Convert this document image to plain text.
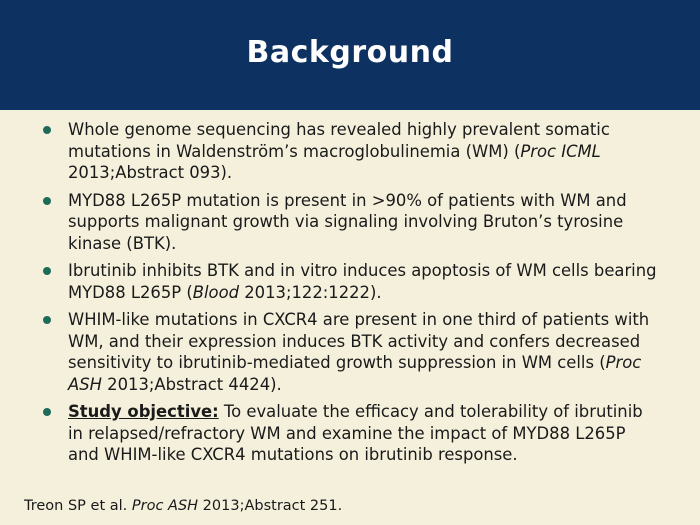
Background
Whole genome sequencing has revealed highly prevalent somatic mutations in Waldenström’s macroglobulinemia (WM) (Proc ICML 2013;Abstract 093).
MYD88 L265P mutation is present in >90% of patients with WM and supports malignant growth via signaling involving Bruton’s tyrosine kinase (BTK).
Ibrutinib inhibits BTK and in vitro induces apoptosis of WM cells bearing MYD88 L265P (Blood 2013;122:1222).
WHIM-like mutations in CXCR4 are present in one third of patients with WM, and their expression induces BTK activity and confers decreased sensitivity to ibrutinib-mediated growth suppression in WM cells (Proc ASH 2013;Abstract 4424).
Study objective: To evaluate the efficacy and tolerability of ibrutinib in relapsed/refractory WM and examine the impact of MYD88 L265P and WHIM-like CXCR4 mutations on ibrutinib response.
Treon SP et al. Proc ASH 2013;Abstract 251.
